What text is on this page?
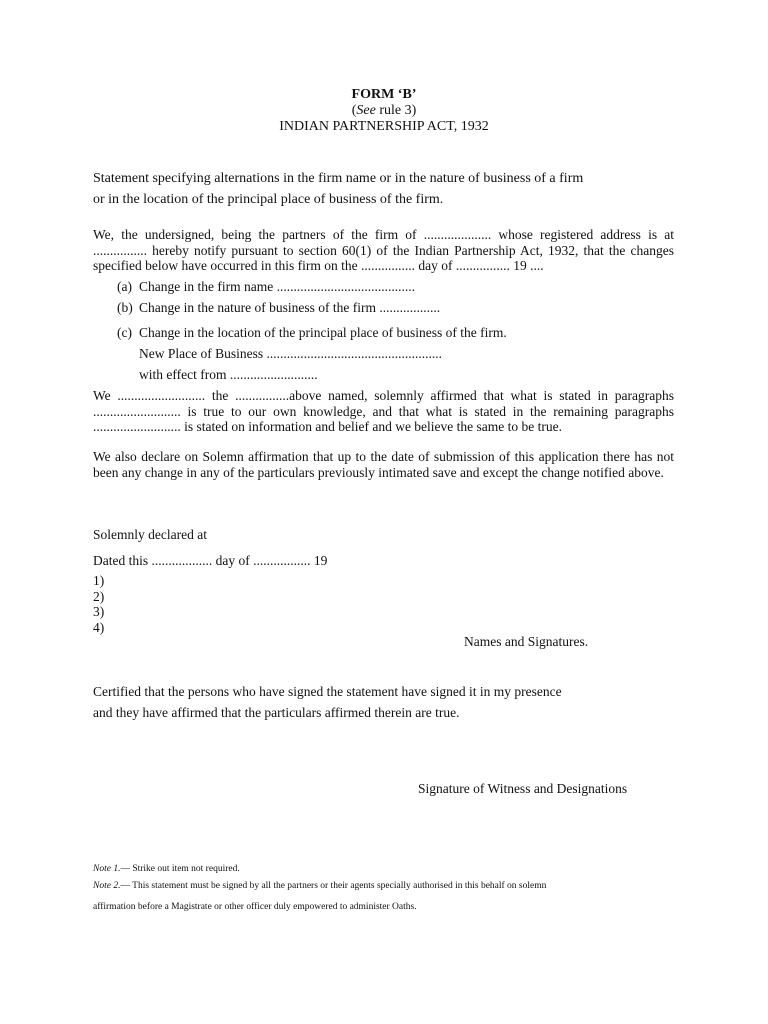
FORM ‘B’
(See rule 3)
INDIAN PARTNERSHIP ACT, 1932
Statement specifying alternations in the firm name or in the nature of business of a firm
or in the location of the principal place of business of the firm.
We, the undersigned, being the partners of the firm of .................... whose registered address is at ................ hereby notify pursuant to section 60(1) of the Indian Partnership Act, 1932, that the changes specified below have occurred in this firm on the ................ day of ................ 19 ....
(a) Change in the firm name .........................................
(b) Change in the nature of business of the firm ..................
(c) Change in the location of the principal place of business of the firm.
New Place of Business ....................................................
with effect from ..........................
We .......................... the ................above named, solemnly affirmed that what is stated in paragraphs .......................... is true to our own knowledge, and that what is stated in the remaining paragraphs .......................... is stated on information and belief and we believe the same to be true.
We also declare on Solemn affirmation that up to the date of submission of this application there has not been any change in any of the particulars previously intimated save and except the change notified above.
Solemnly declared at
Dated this .................. day of ................. 19
1)
2)
3)
4)
Names and Signatures.
Certified that the persons who have signed the statement have signed it in my presence
and they have affirmed that the particulars affirmed therein are true.
Signature of Witness and Designations
Note 1.— Strike out item not required.
Note 2.— This statement must be signed by all the partners or their agents specially authorised in this behalf on solemn
affirmation before a Magistrate or other officer duly empowered to administer Oaths.
